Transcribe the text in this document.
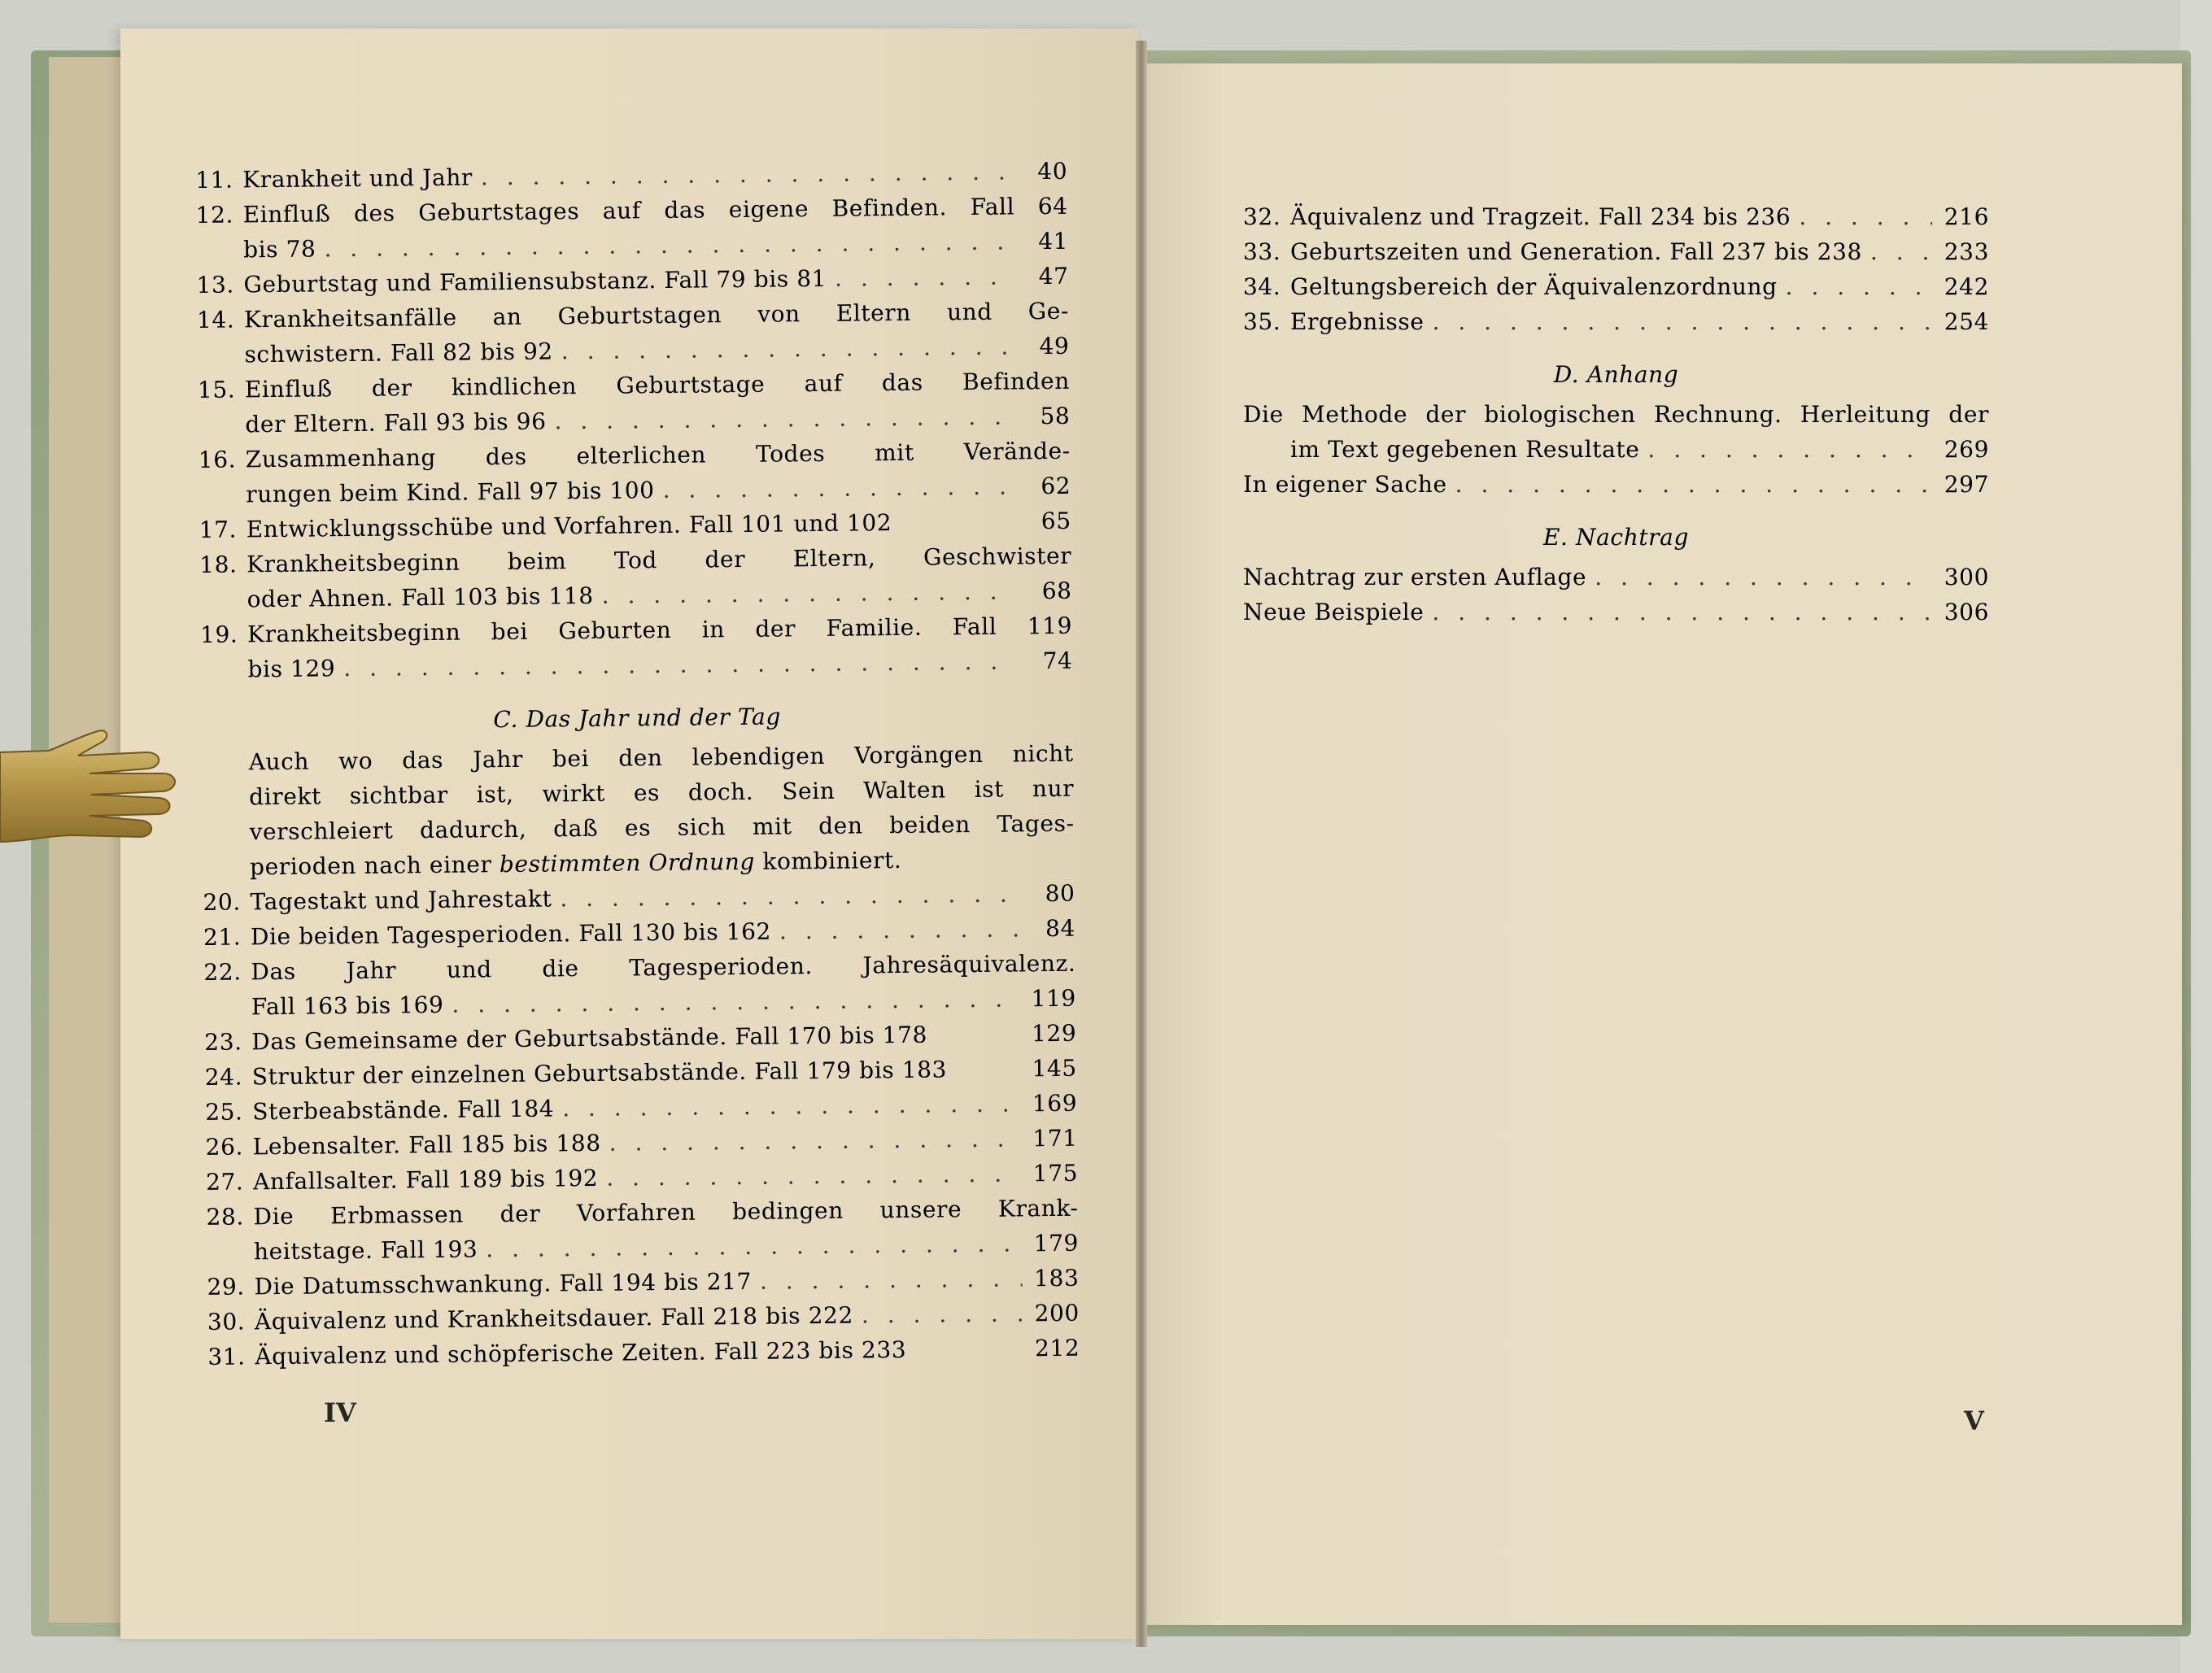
11. Krankheit und Jahr . . .	40
12. Einfluß des Geburtstages auf das eigene Befinden. Fall 64
bis 78 . . .	41
13. Geburtstag und Familiensubstanz. Fall 79 bis 81 . . .	47
14. Krankheitsanfälle an Geburtstagen von Eltern und Ge-
schwistern. Fall 82 bis 92 . . .	49
15. Einfluß der kindlichen Geburtstage auf das Befinden
der Eltern. Fall 93 bis 96 . . .	58
16. Zusammenhang des elterlichen Todes mit Verände-
rungen beim Kind. Fall 97 bis 100 . . .	62
17. Entwicklungsschübe und Vorfahren. Fall 101 und 102	65
18. Krankheitsbeginn beim Tod der Eltern, Geschwister
oder Ahnen. Fall 103 bis 118 . . .	68
19. Krankheitsbeginn bei Geburten in der Familie. Fall 119
bis 129 . . .	74
C. Das Jahr und der Tag
Auch wo das Jahr bei den lebendigen Vorgängen nicht
direkt sichtbar ist, wirkt es doch. Sein Walten ist nur
verschleiert dadurch, daß es sich mit den beiden Tages-
perioden nach einer bestimmten Ordnung kombiniert.
20. Tagestakt und Jahrestakt . . .	80
21. Die beiden Tagesperioden. Fall 130 bis 162 . . .	84
22. Das Jahr und die Tagesperioden. Jahresäquivalenz.
Fall 163 bis 169 . . .	119
23. Das Gemeinsame der Geburtsabstände. Fall 170 bis 178	129
24. Struktur der einzelnen Geburtsabstände. Fall 179 bis 183	145
25. Sterbeabstände. Fall 184 . . .	169
26. Lebensalter. Fall 185 bis 188 . . .	171
27. Anfallsalter. Fall 189 bis 192 . . .	175
28. Die Erbmassen der Vorfahren bedingen unsere Krank-
heitstage. Fall 193 . . .	179
29. Die Datumsschwankung. Fall 194 bis 217 . . .	183
30. Äquivalenz und Krankheitsdauer. Fall 218 bis 222 . . .	200
31. Äquivalenz und schöpferische Zeiten. Fall 223 bis 233	212
IV
32. Äquivalenz und Tragzeit. Fall 234 bis 236 . . .	216
33. Geburtszeiten und Generation. Fall 237 bis 238 . . .	233
34. Geltungsbereich der Äquivalenzordnung . . .	242
35. Ergebnisse . . .	254
D. Anhang
Die Methode der biologischen Rechnung. Herleitung der
im Text gegebenen Resultate . . .	269
In eigener Sache . . .	297
E. Nachtrag
Nachtrag zur ersten Auflage . . .	300
Neue Beispiele . . .	306
V
